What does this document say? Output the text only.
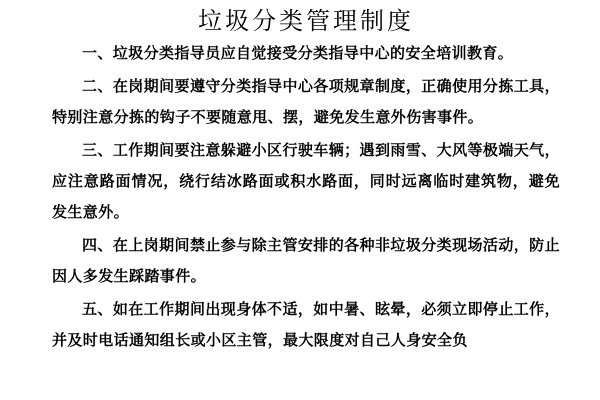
垃圾分类管理制度

一、垃圾分类指导员应自觉接受分类指导中心的安全培训教育。

二、在岗期间要遵守分类指导中心各项规章制度，正确使用分拣工具，特别注意分拣的钩子不要随意甩、摆，避免发生意外伤害事件。

三、工作期间要注意躲避小区行驶车辆；遇到雨雪、大风等极端天气，应注意路面情况，绕行结冰路面或积水路面，同时远离临时建筑物，避免发生意外。

四、在上岗期间禁止参与除主管安排的各种非垃圾分类现场活动，防止因人多发生踩踏事件。

五、如在工作期间出现身体不适，如中暑、眩晕，必须立即停止工作，并及时电话通知组长或小区主管，最大限度对自己人身安全负
